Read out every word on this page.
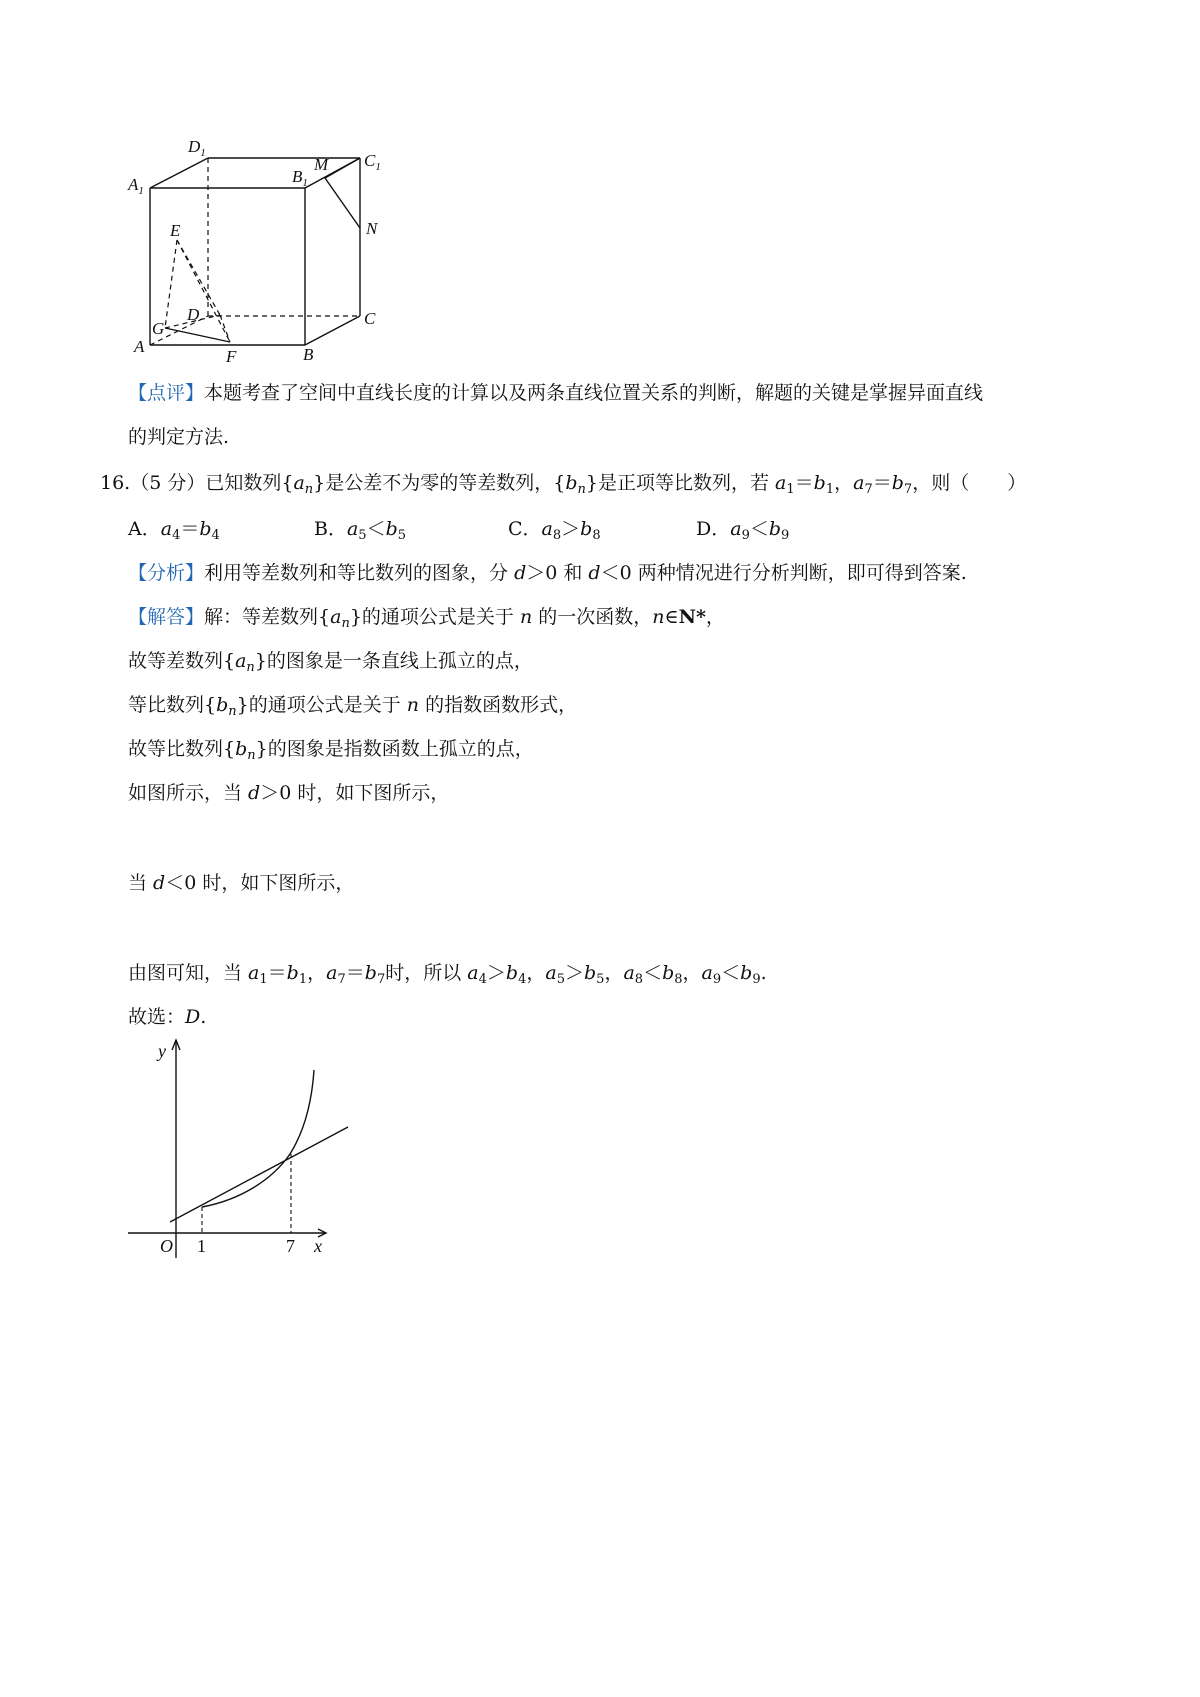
$D_1$
$A_1$
$B_1$
M $C_1$
N
E
D	C
G
A
F	B
【点评】本题考查了空间中直线长度的计算以及两条直线位置关系的判断，解题的关键是掌握异面直线
的判定方法.
16.（5 分）已知数列$\{a_n\}$是公差不为零的等差数列，$\{b_n\}$是正项等比数列，若 $a_1=b_1$，$a_7=b_7$，则（　　）
A．$a_4=b_4$	B．$a_5<b_5$	C．$a_8>b_8$	D．$a_9<b_9$
【分析】利用等差数列和等比数列的图象，分 d＞0 和 d＜0 两种情况进行分析判断，即可得到答案.
【解答】解：等差数列$\{a_n\}$的通项公式是关于 n 的一次函数，n∈N*，
故等差数列$\{a_n\}$的图象是一条直线上孤立的点，
等比数列$\{b_n\}$的通项公式是关于 n 的指数函数形式，
故等比数列$\{b_n\}$的图象是指数函数上孤立的点，
如图所示，当 d＞0 时，如下图所示，
当 d＜0 时，如下图所示，
由图可知，当 $a_1=b_1$，$a_7=b_7$时，所以 $a_4>b_4$，$a_5>b_5$，$a_8<b_8$，$a_9<b_9$.
故选：D.
y
x
O 1	7
